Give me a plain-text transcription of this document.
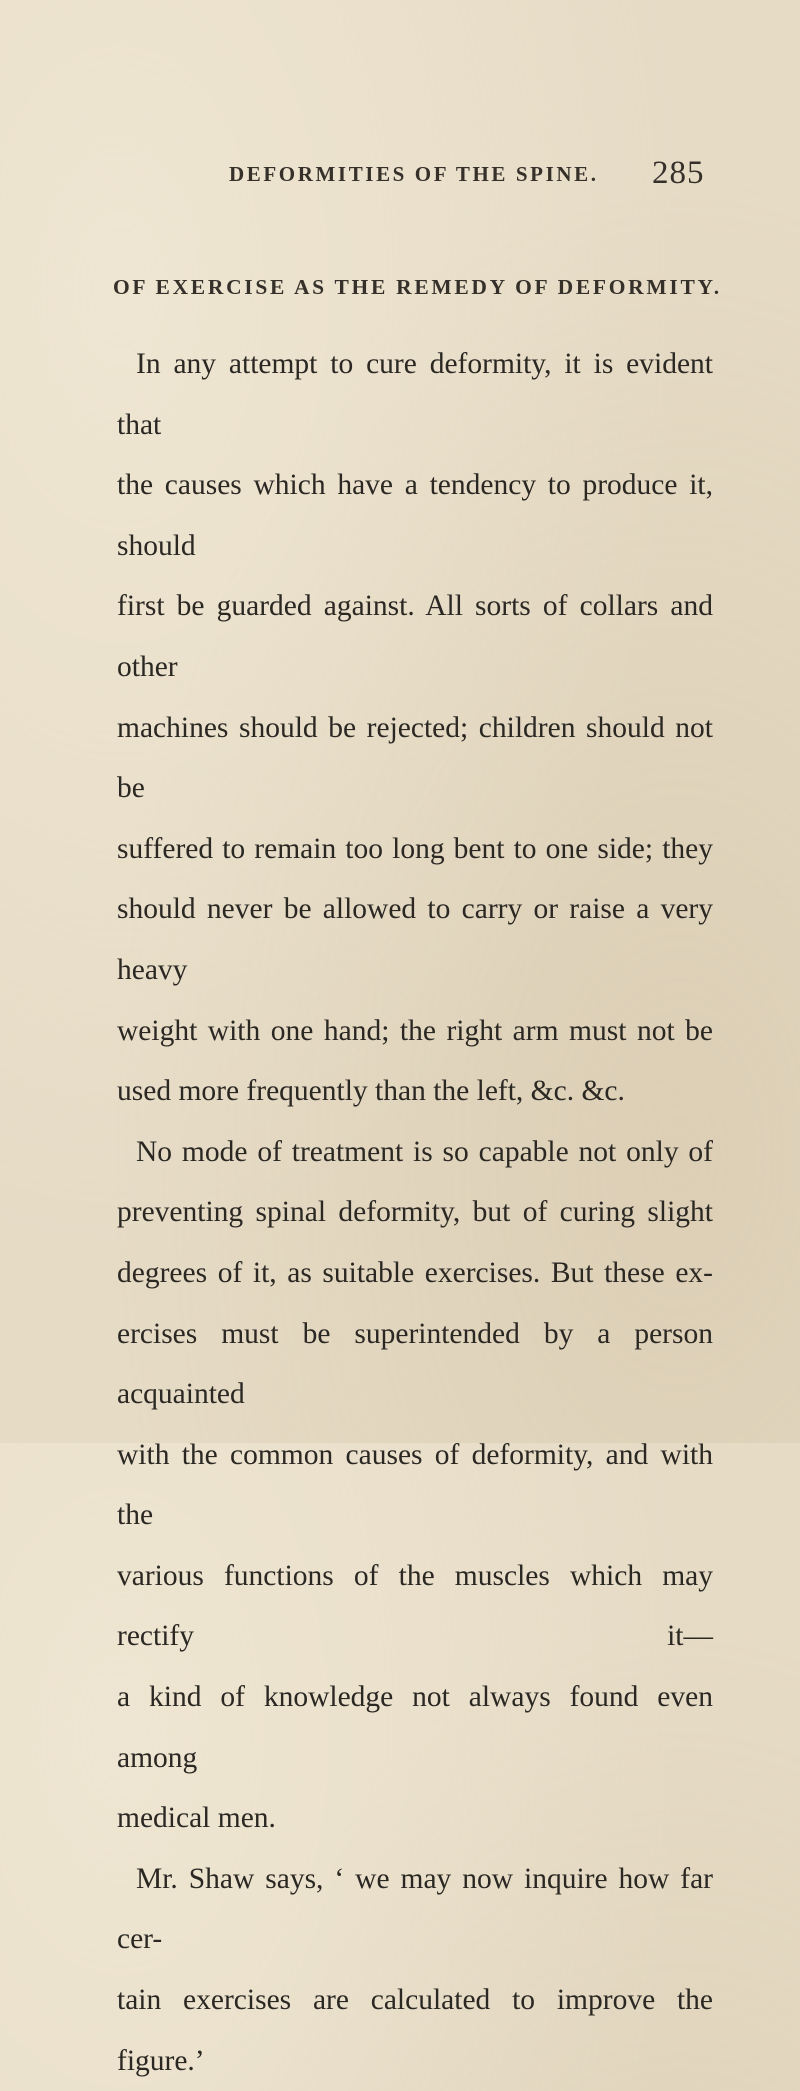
DEFORMITIES OF THE SPINE. 285
OF EXERCISE AS THE REMEDY OF DEFORMITY.
In any attempt to cure deformity, it is evident that
the causes which have a tendency to produce it, should
first be guarded against. All sorts of collars and other
machines should be rejected; children should not be
suffered to remain too long bent to one side; they
should never be allowed to carry or raise a very heavy
weight with one hand; the right arm must not be
used more frequently than the left, &c. &c.
No mode of treatment is so capable not only of
preventing spinal deformity, but of curing slight
degrees of it, as suitable exercises. But these ex-
ercises must be superintended by a person acquainted
with the common causes of deformity, and with the
various functions of the muscles which may rectify it—
a kind of knowledge not always found even among
medical men.
Mr. Shaw says, ‘ we may now inquire how far cer-
tain exercises are calculated to improve the figure.’
